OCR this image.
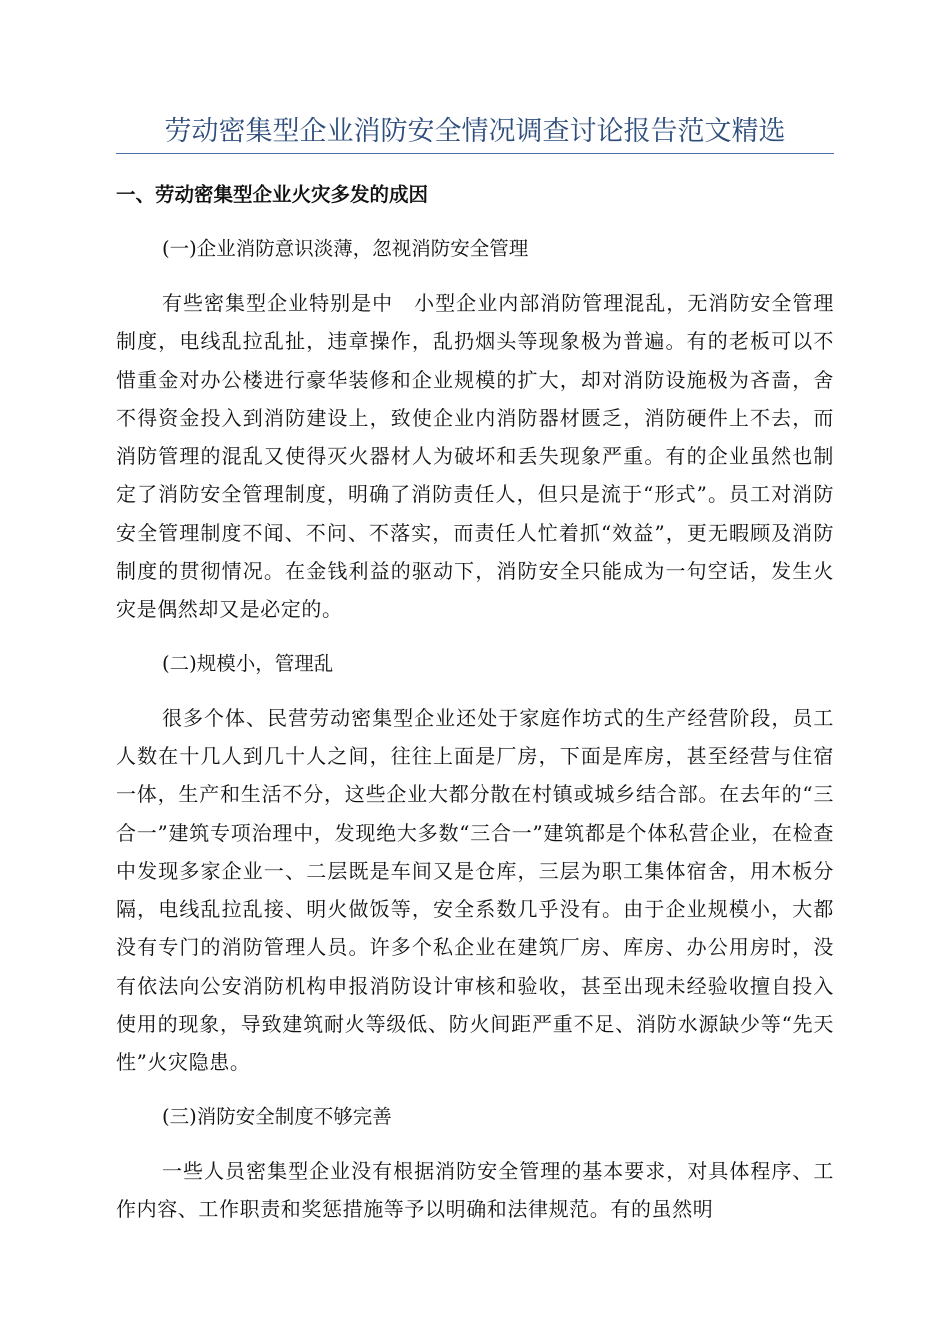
劳动密集型企业消防安全情况调查讨论报告范文精选
一、劳动密集型企业火灾多发的成因
(一)企业消防意识淡薄，忽视消防安全管理

有些密集型企业特别是中　小型企业内部消防管理混乱，无消防安全管理制度，电线乱拉乱扯，违章操作，乱扔烟头等现象极为普遍。有的老板可以不惜重金对办公楼进行豪华装修和企业规模的扩大，却对消防设施极为吝啬，舍不得资金投入到消防建设上，致使企业内消防器材匮乏，消防硬件上不去，而消防管理的混乱又使得灭火器材人为破坏和丢失现象严重。有的企业虽然也制定了消防安全管理制度，明确了消防责任人，但只是流于“形式”。员工对消防安全管理制度不闻、不问、不落实，而责任人忙着抓“效益”，更无暇顾及消防制度的贯彻情况。在金钱利益的驱动下，消防安全只能成为一句空话，发生火灾是偶然却又是必定的。

(二)规模小，管理乱

很多个体、民营劳动密集型企业还处于家庭作坊式的生产经营阶段，员工人数在十几人到几十人之间，往往上面是厂房，下面是库房，甚至经营与住宿一体，生产和生活不分，这些企业大都分散在村镇或城乡结合部。在去年的“三合一”建筑专项治理中，发现绝大多数“三合一”建筑都是个体私营企业，在检查中发现多家企业一、二层既是车间又是仓库，三层为职工集体宿舍，用木板分隔，电线乱拉乱接、明火做饭等，安全系数几乎没有。由于企业规模小，大都没有专门的消防管理人员。许多个私企业在建筑厂房、库房、办公用房时，没有依法向公安消防机构申报消防设计审核和验收，甚至出现未经验收擅自投入使用的现象，导致建筑耐火等级低、防火间距严重不足、消防水源缺少等“先天性”火灾隐患。

(三)消防安全制度不够完善

一些人员密集型企业没有根据消防安全管理的基本要求，对具体程序、工作内容、工作职责和奖惩措施等予以明确和法律规范。有的虽然明
